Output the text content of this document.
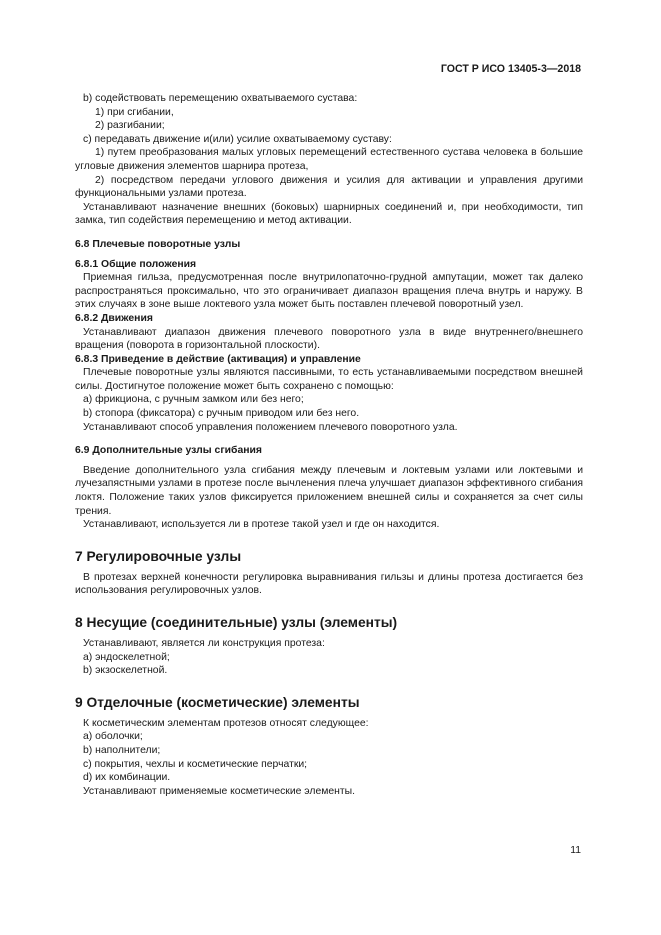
ГОСТ Р ИСО 13405-3—2018

b) содействовать перемещению охватываемого сустава:

1) при сгибании,

2) разгибании;

c) передавать движение и(или) усилие охватываемому суставу:

1) путем преобразования малых угловых перемещений естественного сустава человека в большие угловые движения элементов шарнира протеза,

2) посредством передачи углового движения и усилия для активации и управления другими функциональными узлами протеза.

Устанавливают назначение внешних (боковых) шарнирных соединений и, при необходимости, тип замка, тип содействия перемещению и метод активации.

6.8 Плечевые поворотные узлы

6.8.1 Общие положения

Приемная гильза, предусмотренная после внутрилопаточно-грудной ампутации, может так далеко распространяться проксимально, что это ограничивает диапазон вращения плеча внутрь и наружу. В этих случаях в зоне выше локтевого узла может быть поставлен плечевой поворотный узел.

6.8.2 Движения

Устанавливают диапазон движения плечевого поворотного узла в виде внутреннего/внешнего вращения (поворота в горизонтальной плоскости).

6.8.3 Приведение в действие (активация) и управление

Плечевые поворотные узлы являются пассивными, то есть устанавливаемыми посредством внешней силы. Достигнутое положение может быть сохранено с помощью:

a) фрикциона, с ручным замком или без него;

b) стопора (фиксатора) с ручным приводом или без него.

Устанавливают способ управления положением плечевого поворотного узла.

6.9 Дополнительные узлы сгибания

Введение дополнительного узла сгибания между плечевым и локтевым узлами или локтевыми и лучезапястными узлами в протезе после вычленения плеча улучшает диапазон эффективного сгибания локтя. Положение таких узлов фиксируется приложением внешней силы и сохраняется за счет силы трения.

Устанавливают, используется ли в протезе такой узел и где он находится.

7 Регулировочные узлы

В протезах верхней конечности регулировка выравнивания гильзы и длины протеза достигается без использования регулировочных узлов.

8 Несущие (соединительные) узлы (элементы)

Устанавливают, является ли конструкция протеза:

a) эндоскелетной;

b) экзоскелетной.

9 Отделочные (косметические) элементы

К косметическим элементам протезов относят следующее:

a) оболочки;

b) наполнители;

c) покрытия, чехлы и косметические перчатки;

d) их комбинации.

Устанавливают применяемые косметические элементы.

11
